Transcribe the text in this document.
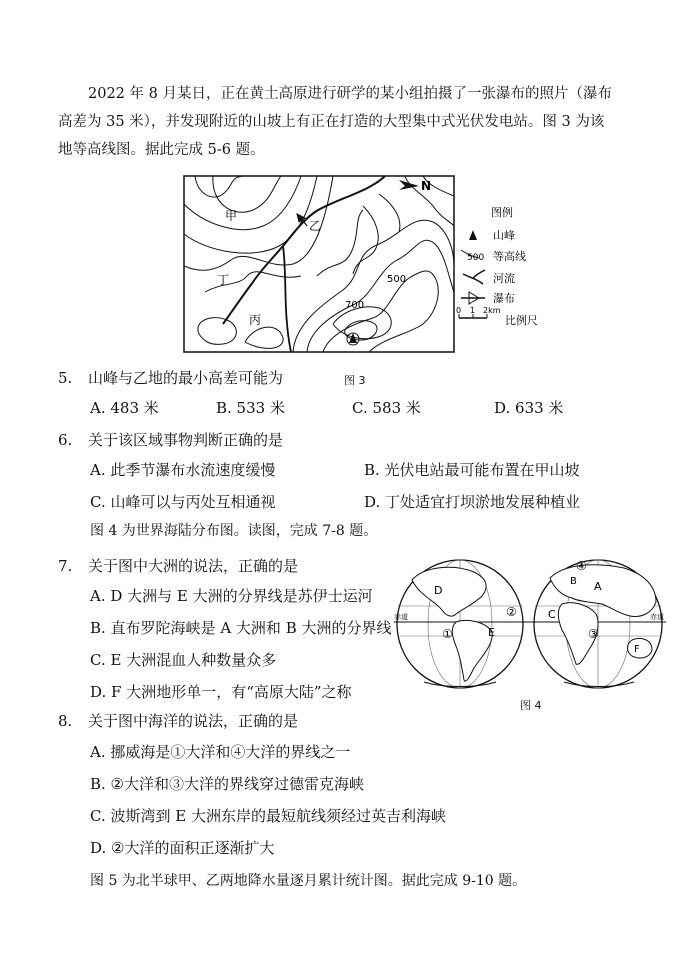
2022 年 8 月某日，正在黄土高原进行研学的某小组拍摄了一张瀑布的照片（瀑布
高差为 35 米），并发现附近的山坡上有正在打造的大型集中式光伏发电站。图 3 为该
地等高线图。据此完成 5-6 题。
N
甲
乙
丁
丙
500
700
图例
山峰
500 等高线
河流
瀑布
0 1 2km
比例尺
图 3
5. 山峰与乙地的最小高差可能为
A. 483 米	B. 533 米	C. 583 米	D. 633 米
6. 关于该区域事物判断正确的是
A. 此季节瀑布水流速度缓慢	B. 光伏电站最可能布置在甲山坡
C. 山峰可以与丙处互相通视	D. 丁处适宜打坝淤地发展种植业
图 4 为世界海陆分布图。读图，完成 7-8 题。
7. 关于图中大洲的说法，正确的是
A. D 大洲与 E 大洲的分界线是苏伊士运河
B. 直布罗陀海峡是 A 大洲和 B 大洲的分界线
C. E 大洲混血人种数量众多
D. F 大洲地形单一，有“高原大陆”之称
赤道	赤道
D
E
A
B
C
F
①
②
③
④
图 4
8. 关于图中海洋的说法，正确的是
A. 挪威海是①大洋和④大洋的界线之一
B. ②大洋和③大洋的界线穿过德雷克海峡
C. 波斯湾到 E 大洲东岸的最短航线须经过英吉利海峡
D. ②大洋的面积正逐渐扩大
图 5 为北半球甲、乙两地降水量逐月累计统计图。据此完成 9-10 题。
